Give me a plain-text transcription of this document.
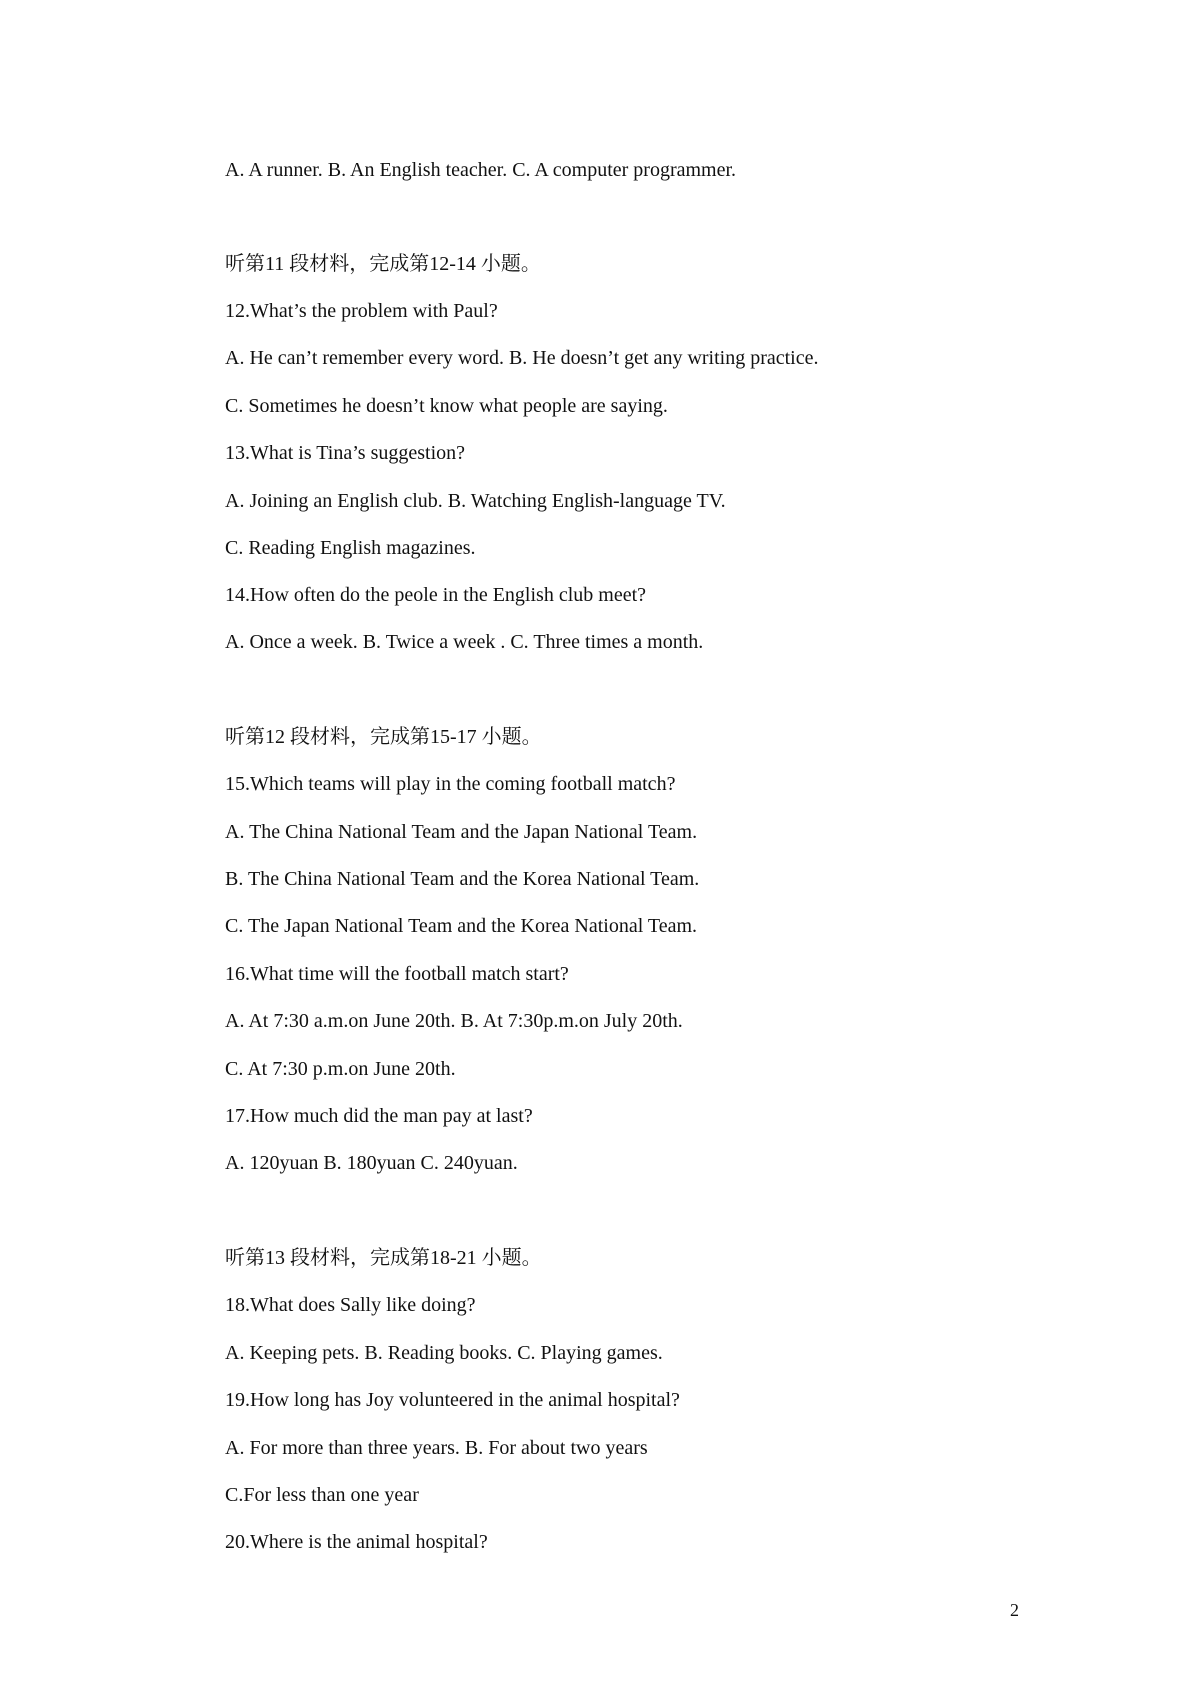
A. A runner. B. An English teacher. C. A computer programmer.
听第11 段材料，完成第12-14 小题。
12.What’s the problem with Paul?
A. He can’t remember every word. B. He doesn’t get any writing practice.
C. Sometimes he doesn’t know what people are saying.
13.What is Tina’s suggestion?
A. Joining an English club. B. Watching English-language TV.
C. Reading English magazines.
14.How often do the peole in the English club meet?
A. Once a week. B. Twice a week . C. Three times a month.
听第12 段材料，完成第15-17 小题。
15.Which teams will play in the coming football match?
A. The China National Team and the Japan National Team.
B. The China National Team and the Korea National Team.
C. The Japan National Team and the Korea National Team.
16.What time will the football match start?
A. At 7:30 a.m.on June 20th. B. At 7:30p.m.on July 20th.
C. At 7:30 p.m.on June 20th.
17.How much did the man pay at last?
A. 120yuan B. 180yuan C. 240yuan.
听第13 段材料，完成第18-21 小题。
18.What does Sally like doing?
A. Keeping pets. B. Reading books. C. Playing games.
19.How long has Joy volunteered in the animal hospital?
A. For more than three years. B. For about two years
C.For less than one year
20.Where is the animal hospital?
2
